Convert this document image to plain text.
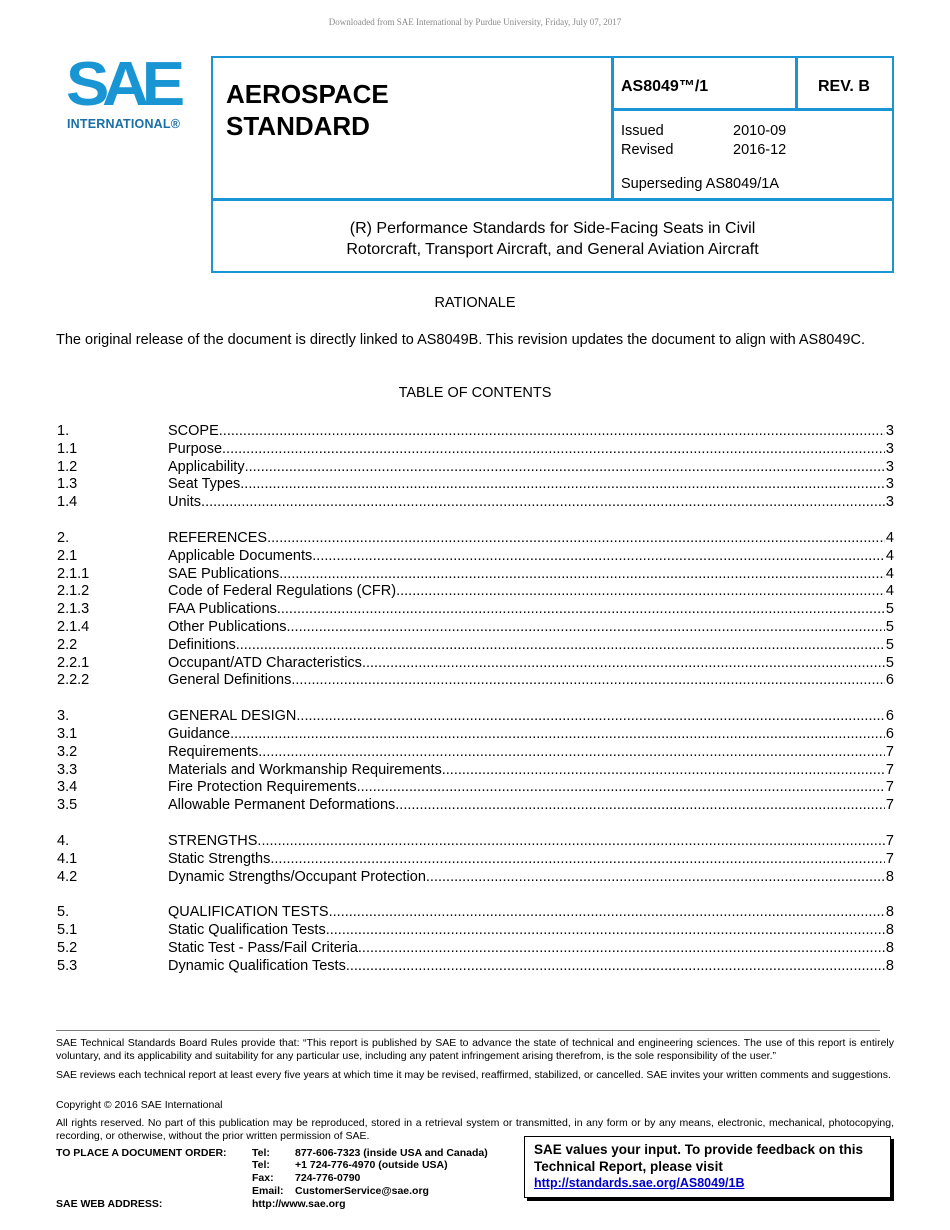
Downloaded from SAE International by Purdue University, Friday, July 07, 2017
SAE
INTERNATIONAL®
AEROSPACE
STANDARD
AS8049™/1	REV. B
Issued	2010-09
Revised	2016-12
Superseding AS8049/1A
(R) Performance Standards for Side-Facing Seats in Civil
Rotorcraft, Transport Aircraft, and General Aviation Aircraft
RATIONALE
The original release of the document is directly linked to AS8049B. This revision updates the document to align with AS8049C.
TABLE OF CONTENTS
1.	SCOPE .....	3
1.1	Purpose .....	3
1.2	Applicability .....	3
1.3	Seat Types .....	3
1.4	Units .....	3
2.	REFERENCES .....	4
2.1	Applicable Documents .....	4
2.1.1	SAE Publications .....	4
2.1.2	Code of Federal Regulations (CFR) .....	4
2.1.3	FAA Publications .....	5
2.1.4	Other Publications .....	5
2.2	Definitions .....	5
2.2.1	Occupant/ATD Characteristics .....	5
2.2.2	General Definitions .....	6
3.	GENERAL DESIGN .....	6
3.1	Guidance .....	6
3.2	Requirements .....	7
3.3	Materials and Workmanship Requirements .....	7
3.4	Fire Protection Requirements .....	7
3.5	Allowable Permanent Deformations .....	7
4.	STRENGTHS .....	7
4.1	Static Strengths .....	7
4.2	Dynamic Strengths/Occupant Protection .....	8
5.	QUALIFICATION TESTS .....	8
5.1	Static Qualification Tests .....	8
5.2	Static Test - Pass/Fail Criteria .....	8
5.3	Dynamic Qualification Tests .....	8
SAE Technical Standards Board Rules provide that: “This report is published by SAE to advance the state of technical and engineering sciences. The use of this report is entirely voluntary, and its applicability and suitability for any particular use, including any patent infringement arising therefrom, is the sole responsibility of the user.”
SAE reviews each technical report at least every five years at which time it may be revised, reaffirmed, stabilized, or cancelled. SAE invites your written comments and suggestions.
Copyright © 2016 SAE International
All rights reserved. No part of this publication may be reproduced, stored in a retrieval system or transmitted, in any form or by any means, electronic, mechanical, photocopying, recording, or otherwise, without the prior written permission of SAE.
TO PLACE A DOCUMENT ORDER: Tel: 877-606-7323 (inside USA and Canada)
Tel: +1 724-776-4970 (outside USA)
Fax: 724-776-0790
Email: CustomerService@sae.org
SAE WEB ADDRESS:	http://www.sae.org
SAE values your input. To provide feedback on this
Technical Report, please visit
http://standards.sae.org/AS8049/1B
